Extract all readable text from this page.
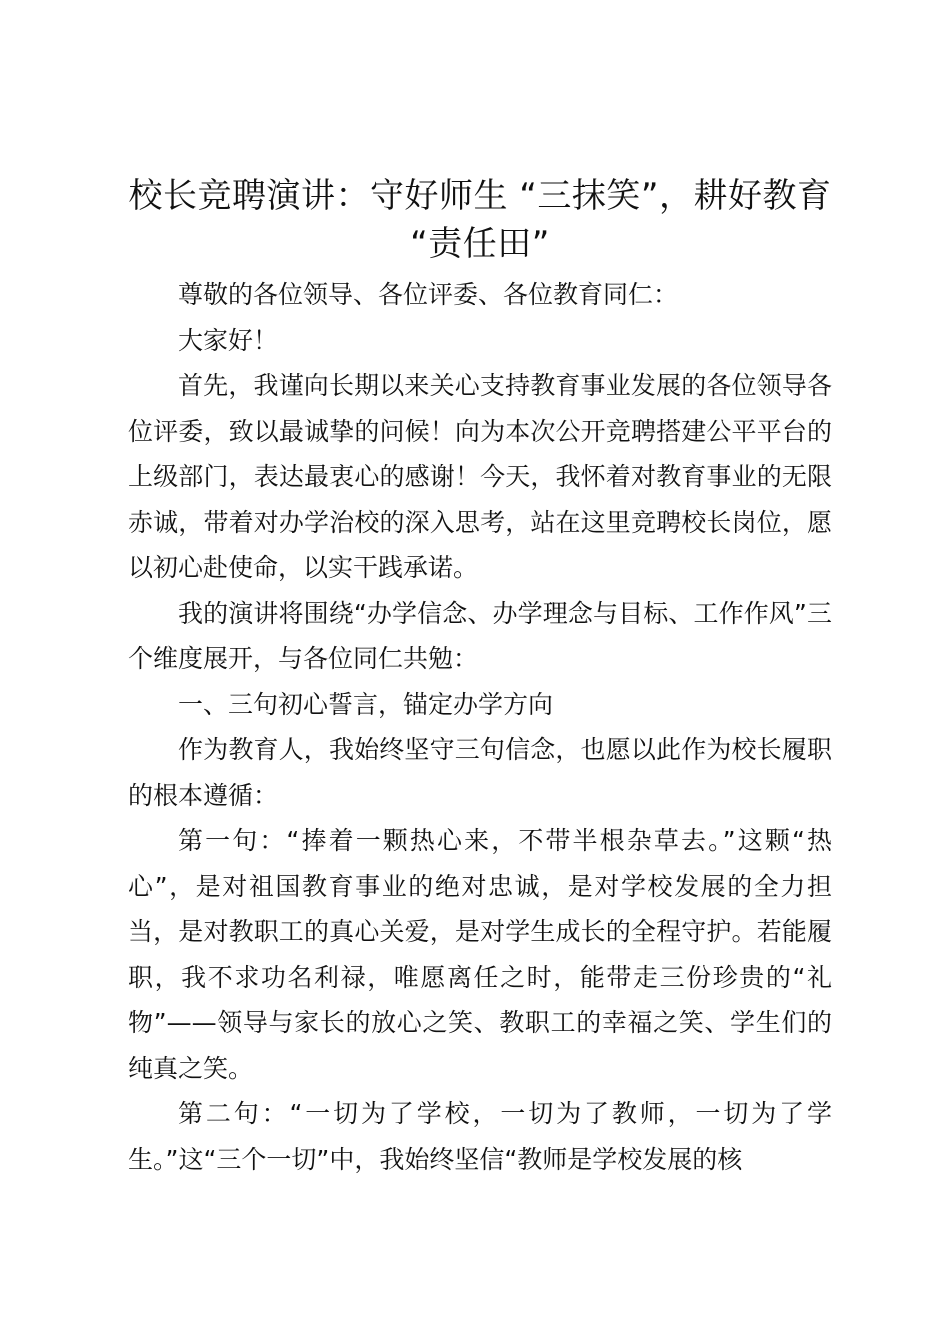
校长竞聘演讲：守好师生 “三抹笑”，耕好教育 “责任田”

尊敬的各位领导、各位评委、各位教育同仁：

大家好！

首先，我谨向长期以来关心支持教育事业发展的各位领导各位评委，致以最诚挚的问候！向为本次公开竞聘搭建公平平台的上级部门，表达最衷心的感谢！今天，我怀着对教育事业的无限赤诚，带着对办学治校的深入思考，站在这里竞聘校长岗位，愿以初心赴使命，以实干践承诺。

我的演讲将围绕“办学信念、办学理念与目标、工作作风”三个维度展开，与各位同仁共勉：

一、三句初心誓言，锚定办学方向

作为教育人，我始终坚守三句信念，也愿以此作为校长履职的根本遵循：

第一句：“捧着一颗热心来，不带半根杂草去。”这颗“热心”，是对祖国教育事业的绝对忠诚，是对学校发展的全力担当，是对教职工的真心关爱，是对学生成长的全程守护。若能履职，我不求功名利禄，唯愿离任之时，能带走三份珍贵的“礼物”——领导与家长的放心之笑、教职工的幸福之笑、学生们的纯真之笑。

第二句：“一切为了学校，一切为了教师，一切为了学生。”这“三个一切”中，我始终坚信“教师是学校发展的核
